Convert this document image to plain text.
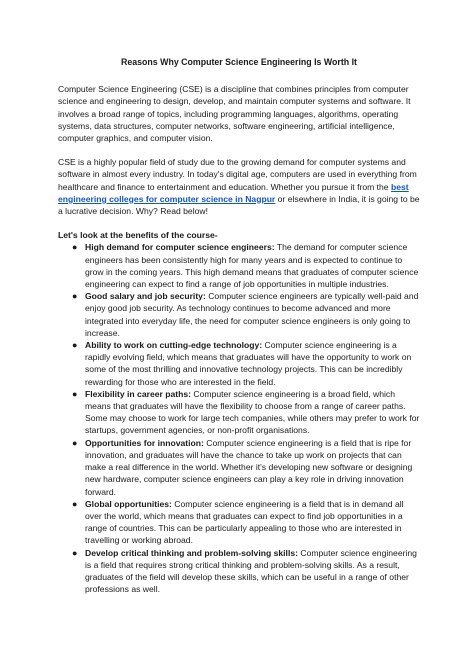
Reasons Why Computer Science Engineering Is Worth It

Computer Science Engineering (CSE) is a discipline that combines principles from computer science and engineering to design, develop, and maintain computer systems and software. It involves a broad range of topics, including programming languages, algorithms, operating systems, data structures, computer networks, software engineering, artificial intelligence, computer graphics, and computer vision.

CSE is a highly popular field of study due to the growing demand for computer systems and software in almost every industry. In today's digital age, computers are used in everything from healthcare and finance to entertainment and education. Whether you pursue it from the best engineering colleges for computer science in Nagpur or elsewhere in India, it is going to be a lucrative decision. Why? Read below!

Let's look at the benefits of the course-

● High demand for computer science engineers: The demand for computer science engineers has been consistently high for many years and is expected to continue to grow in the coming years. This high demand means that graduates of computer science engineering can expect to find a range of job opportunities in multiple industries.
● Good salary and job security: Computer science engineers are typically well-paid and enjoy good job security. As technology continues to become advanced and more integrated into everyday life, the need for computer science engineers is only going to increase.
● Ability to work on cutting-edge technology: Computer science engineering is a rapidly evolving field, which means that graduates will have the opportunity to work on some of the most thrilling and innovative technology projects. This can be incredibly rewarding for those who are interested in the field.
● Flexibility in career paths: Computer science engineering is a broad field, which means that graduates will have the flexibility to choose from a range of career paths. Some may choose to work for large tech companies, while others may prefer to work for startups, government agencies, or non-profit organisations.
● Opportunities for innovation: Computer science engineering is a field that is ripe for innovation, and graduates will have the chance to take up work on projects that can make a real difference in the world. Whether it's developing new software or designing new hardware, computer science engineers can play a key role in driving innovation forward.
● Global opportunities: Computer science engineering is a field that is in demand all over the world, which means that graduates can expect to find job opportunities in a range of countries. This can be particularly appealing to those who are interested in travelling or working abroad.
● Develop critical thinking and problem-solving skills: Computer science engineering is a field that requires strong critical thinking and problem-solving skills. As a result, graduates of the field will develop these skills, which can be useful in a range of other professions as well.
